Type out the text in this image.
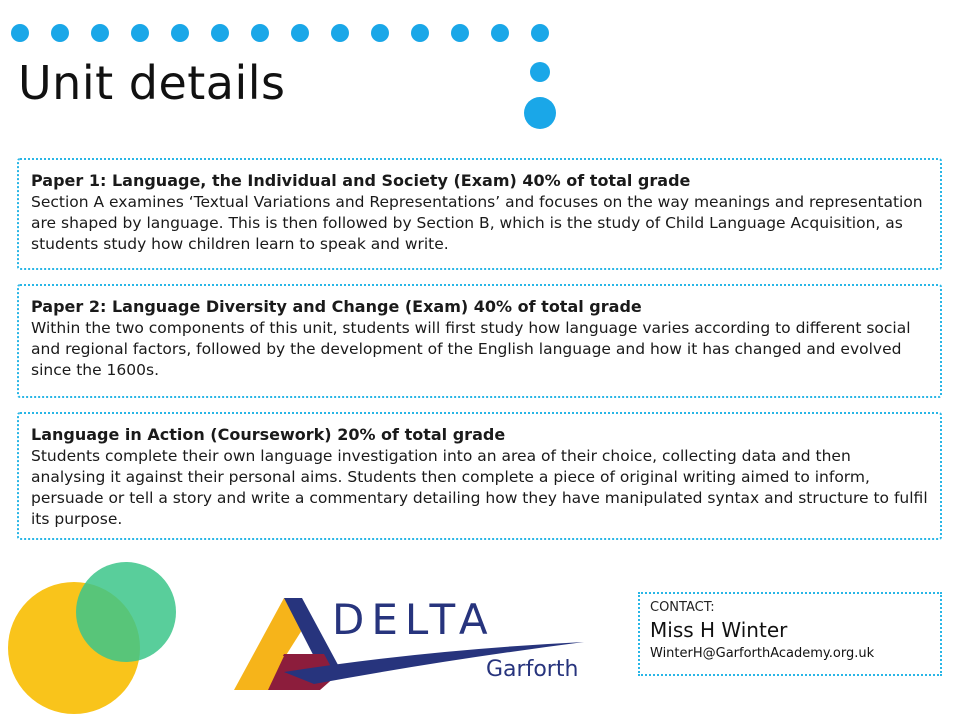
Unit details
Paper 1: Language, the Individual and Society (Exam) 40% of total grade
Section A examines ‘Textual Variations and Representations’ and focuses on the way meanings and representation are shaped by language. This is then followed by Section B, which is the study of Child Language Acquisition, as students study how children learn to speak and write.
Paper 2: Language Diversity and Change (Exam) 40% of total grade
Within the two components of this unit, students will first study how language varies according to different social and regional factors, followed by the development of the English language and how it has changed and evolved since the 1600s.
Language in Action (Coursework) 20% of total grade
Students complete their own language investigation into an area of their choice, collecting data and then analysing it against their personal aims. Students then complete a piece of original writing aimed to inform, persuade or tell a story and write a commentary detailing how they have manipulated syntax and structure to fulfil its purpose.
DELTA
Garforth
CONTACT:
Miss H Winter
WinterH@GarforthAcademy.org.uk
